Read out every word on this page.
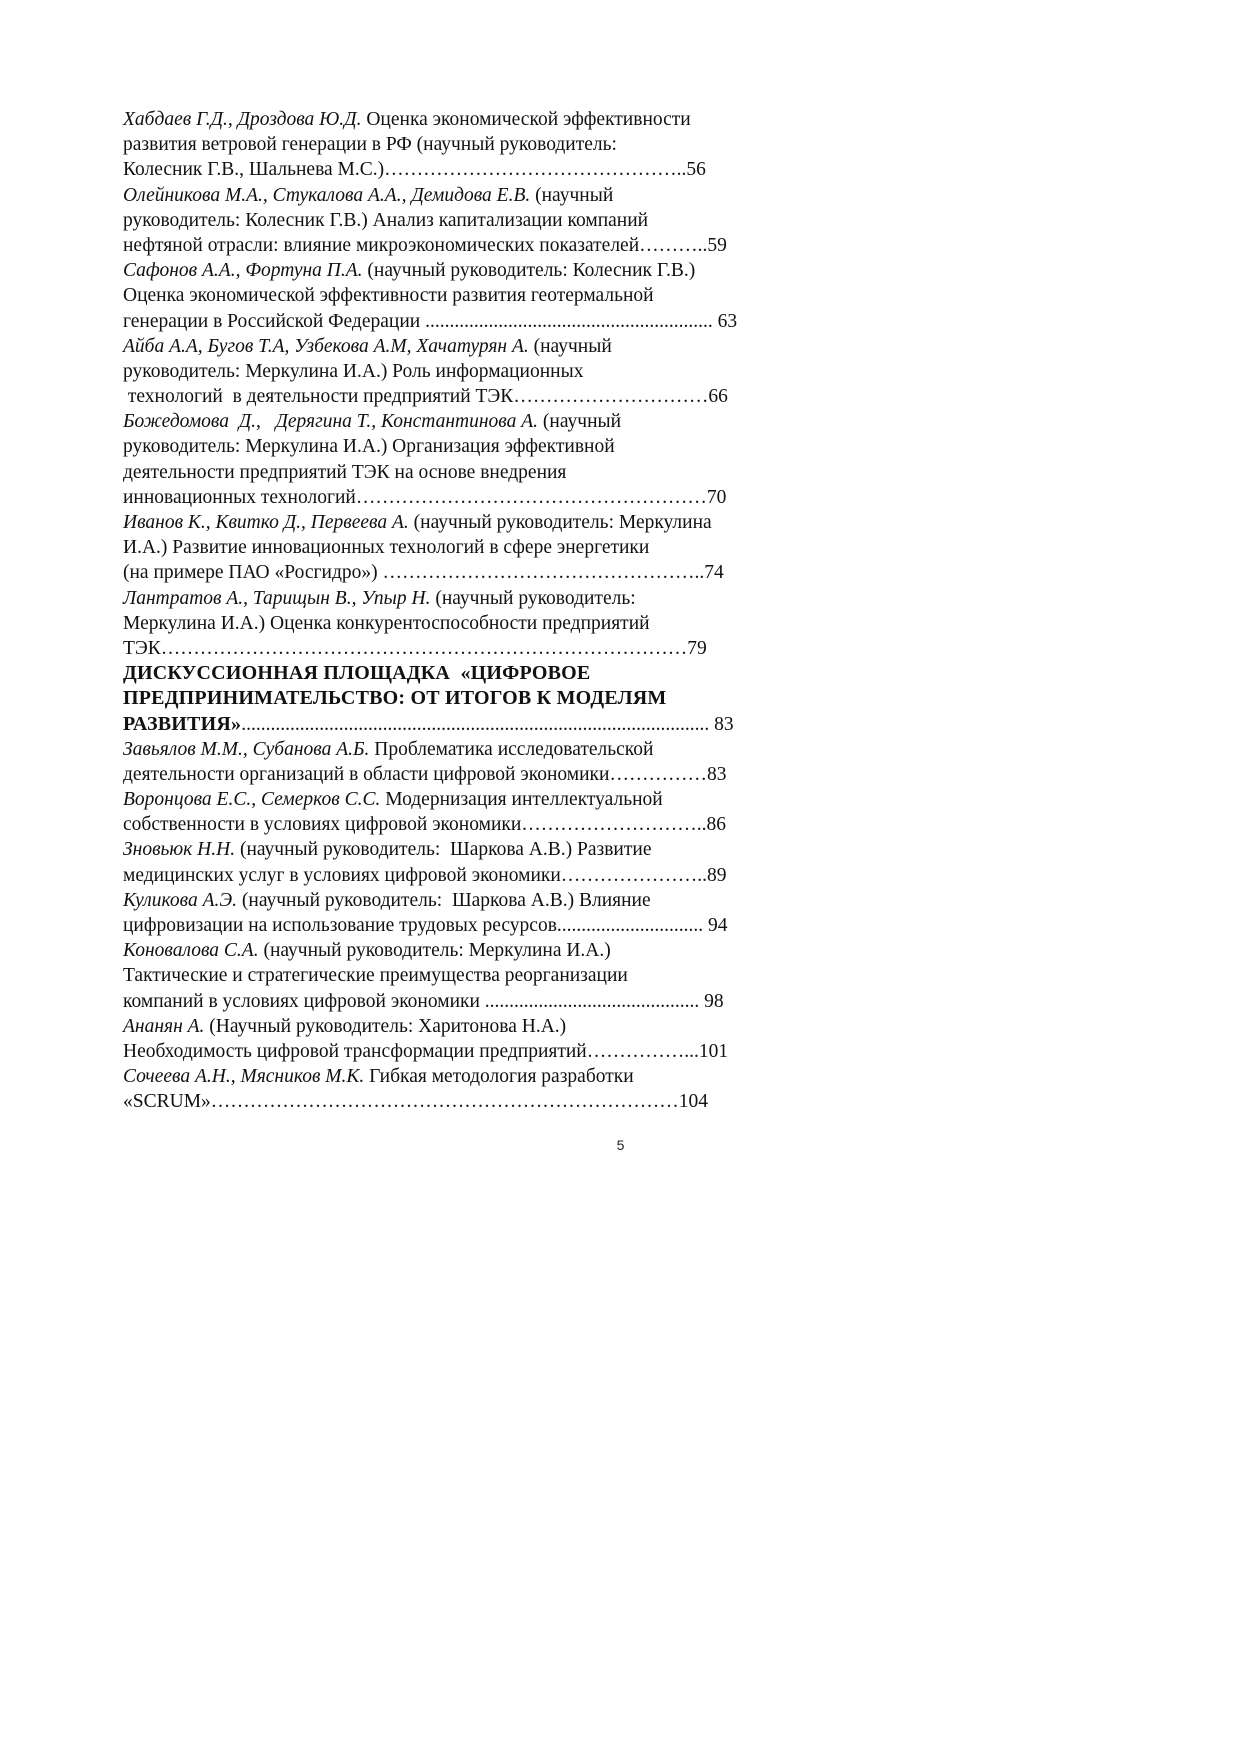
Хабдаев Г.Д., Дроздова Ю.Д. Оценка экономической эффективности
развития ветровой генерации в РФ (научный руководитель:
Колесник Г.В., Шальнева М.С.)………………………………………..56
Олейникова М.А., Стукалова А.А., Демидова Е.В. (научный
руководитель: Колесник Г.В.) Анализ капитализации компаний
нефтяной отрасли: влияние микроэкономических показателей………..59
Сафонов А.А., Фортуна П.А. (научный руководитель: Колесник Г.В.)
Оценка экономической эффективности развития геотермальной
генерации в Российской Федерации ........................................................... 63
Айба А.А, Бугов Т.А, Узбекова А.М, Хачатурян А. (научный
руководитель: Меркулина И.А.) Роль информационных
технологий  в деятельности предприятий ТЭК…………………………66
Божедомова  Д.,   Дерягина Т., Константинова А. (научный
руководитель: Меркулина И.А.) Организация эффективной
деятельности предприятий ТЭК на основе внедрения
инновационных технологий………………………………………………70
Иванов К., Квитко Д., Первеева А. (научный руководитель: Меркулина
И.А.) Развитие инновационных технологий в сфере энергетики
(на примере ПАО «Росгидро») …………………………………………..74
Лантратов А., Тарищын В., Упыр Н. (научный руководитель:
Меркулина И.А.) Оценка конкурентоспособности предприятий
ТЭК………………………………………………………………………79
ДИСКУССИОННАЯ ПЛОЩАДКА  «ЦИФРОВОЕ
ПРЕДПРИНИМАТЕЛЬСТВО: ОТ ИТОГОВ К МОДЕЛЯМ
РАЗВИТИЯ»................................................................................................ 83
Завьялов М.М., Субанова А.Б. Проблематика исследовательской
деятельности организаций в области цифровой экономики……………83
Воронцова Е.С., Семерков С.С. Модернизация интеллектуальной
собственности в условиях цифровой экономики………………………..86
Зновьюк Н.Н. (научный руководитель:  Шаркова А.В.) Развитие
медицинских услуг в условиях цифровой экономики…………………..89
Куликова А.Э. (научный руководитель:  Шаркова А.В.) Влияние
цифровизации на использование трудовых ресурсов.............................. 94
Коновалова С.А. (научный руководитель: Меркулина И.А.)
Тактические и стратегические преимущества реорганизации
компаний в условиях цифровой экономики ............................................ 98
Ананян А. (Научный руководитель: Харитонова Н.А.)
Необходимость цифровой трансформации предприятий……………...101
Сочеева А.Н., Мясников М.К. Гибкая методология разработки
«SCRUM»………………………………………………………………104
5
